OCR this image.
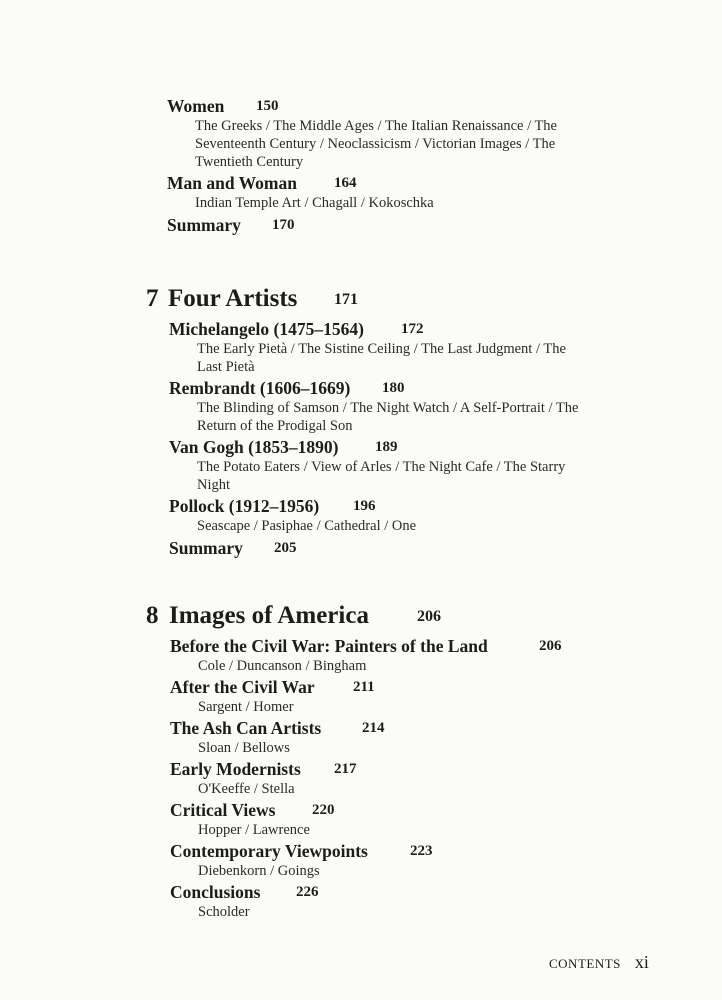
Women 150
The Greeks / The Middle Ages / The Italian Renaissance / The
Seventeenth Century / Neoclassicism / Victorian Images / The
Twentieth Century
Man and Woman 164
Indian Temple Art / Chagall / Kokoschka
Summary 170
7 Four Artists 171
Michelangelo (1475–1564) 172
The Early Pietà / The Sistine Ceiling / The Last Judgment / The
Last Pietà
Rembrandt (1606–1669) 180
The Blinding of Samson / The Night Watch / A Self-Portrait / The
Return of the Prodigal Son
Van Gogh (1853–1890) 189
The Potato Eaters / View of Arles / The Night Cafe / The Starry
Night
Pollock (1912–1956) 196
Seascape / Pasiphae / Cathedral / One
Summary 205
8 Images of America	206
Before the Civil War: Painters of the Land	206
Cole / Duncanson / Bingham
After the Civil War	211
Sargent / Homer
The Ash Can Artists	214
Sloan / Bellows
Early Modernists 217
O'Keeffe / Stella
Critical Views 220
Hopper / Lawrence
Contemporary Viewpoints	223
Diebenkorn / Goings
Conclusions 226
Scholder
CONTENTS xi
